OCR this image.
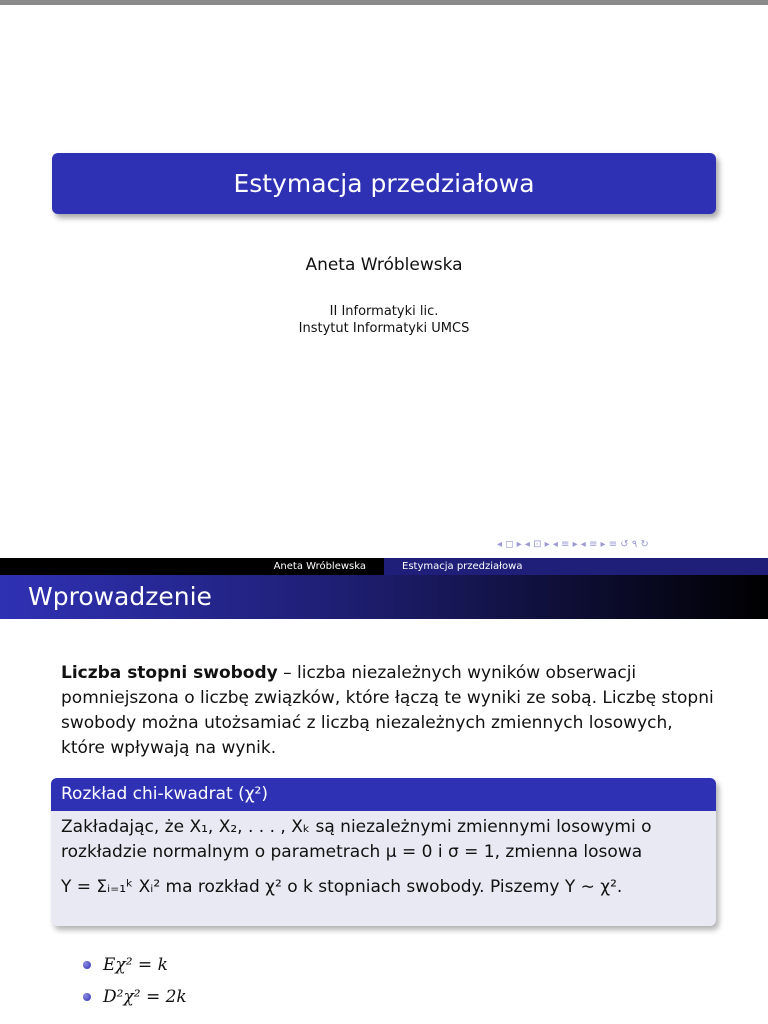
Estymacja przedziałowa
Aneta Wróblewska
II Informatyki lic.
Instytut Informatyki UMCS
◂ ◻ ▸ ◂ ⊡ ▸ ◂ ≡ ▸ ◂ ≡ ▸ ≡ ↺ ۹ ↻
Aneta Wróblewska	Estymacja przedziałowa
Wprowadzenie
Liczba stopni swobody – liczba niezależnych wyników obserwacji pomniejszona o liczbę związków, które łączą te wyniki ze sobą. Liczbę stopni swobody można utożsamiać z liczbą niezależnych zmiennych losowych, które wpływają na wynik.
Rozkład chi-kwadrat (χ²)
Zakładając, że X₁, X₂, . . . , Xₖ są niezależnymi zmiennymi losowymi o
rozkładzie normalnym o parametrach μ = 0 i σ = 1, zmienna losowa
Y = Σᵢ₌₁ᵏ Xᵢ² ma rozkład χ² o k stopniach swobody. Piszemy Y ∼ χ².
Eχ² = k
D²χ² = 2k
